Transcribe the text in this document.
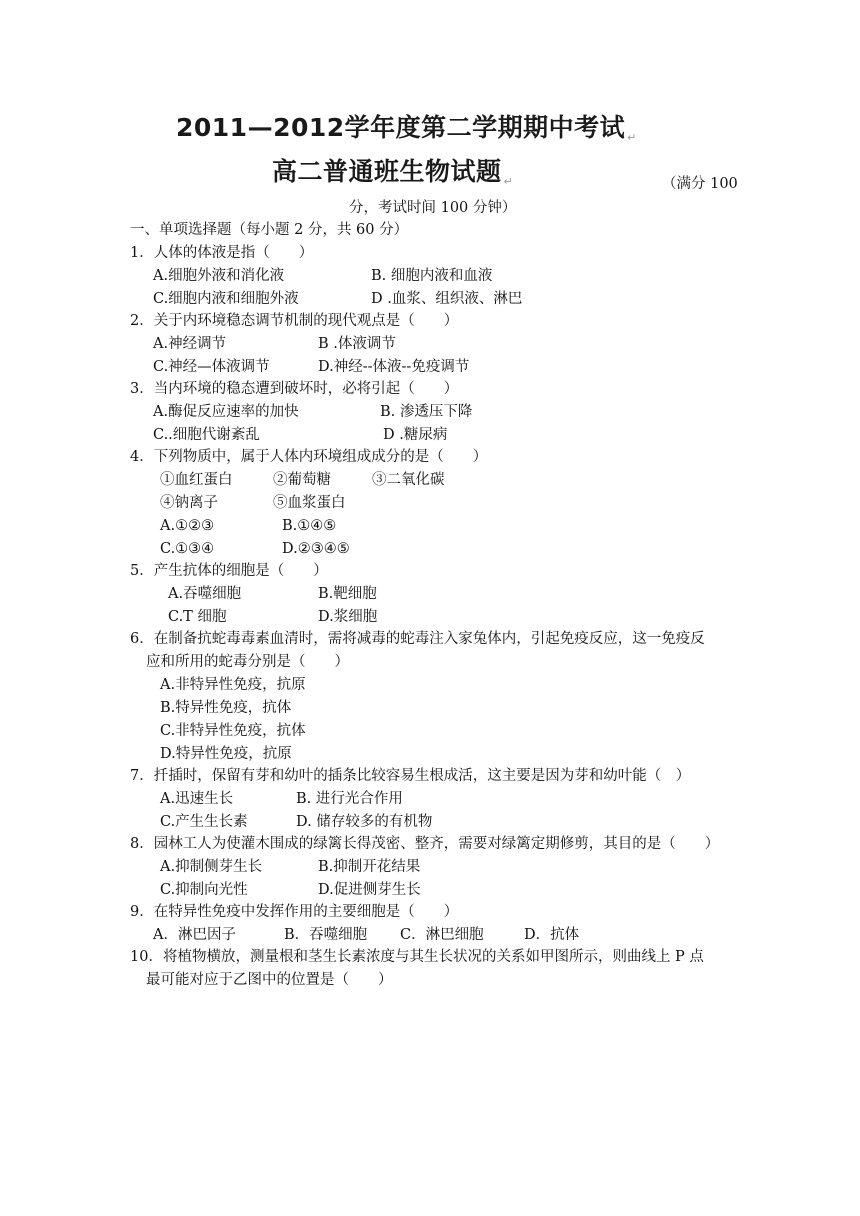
2011—2012学年度第二学期期中考试 ↵
高二普通班生物试题 ↵	（满分 100
分，考试时间 100 分钟）
一、单项选择题（每小题 2 分，共 60 分）
1．人体的体液是指（　　）
A.细胞外液和消化液	B. 细胞内液和血液
C.细胞内液和细胞外液	D .血浆、组织液、淋巴
2．关于内环境稳态调节机制的现代观点是（　　）
A.神经调节	B .体液调节
C.神经—体液调节	D.神经--体液--免疫调节
3．当内环境的稳态遭到破坏时，必将引起（　　）
A.酶促反应速率的加快	B. 渗透压下降
C..细胞代谢紊乱	D .糖尿病
4．下列物质中，属于人体内环境组成成分的是（　　）
①血红蛋白	②葡萄糖	③二氧化碳
④钠离子	⑤血浆蛋白
A.①②③	B.①④⑤
C.①③④	D.②③④⑤
5．产生抗体的细胞是（　　）
A.吞噬细胞	B.靶细胞
C.T 细胞	D.浆细胞
6．在制备抗蛇毒毒素血清时，需将减毒的蛇毒注入家兔体内，引起免疫反应，这一免疫反
应和所用的蛇毒分别是（　　）
A.非特异性免疫，抗原
B.特异性免疫，抗体
C.非特异性免疫，抗体
D.特异性免疫，抗原
7．扦插时，保留有芽和幼叶的插条比较容易生根成活，这主要是因为芽和幼叶能（　）
A.迅速生长	B. 进行光合作用
C.产生生长素	D. 储存较多的有机物
8．园林工人为使灌木围成的绿篱长得茂密、整齐，需要对绿篱定期修剪，其目的是（　　）
A.抑制侧芽生长	B.抑制开花结果
C.抑制向光性	D.促进侧芽生长
9．在特异性免疫中发挥作用的主要细胞是（　　）
A．淋巴因子	B．吞噬细胞 C．淋巴细胞	D．抗体
10．将植物横放，测量根和茎生长素浓度与其生长状况的关系如甲图所示，则曲线上 P 点
最可能对应于乙图中的位置是（　　）
